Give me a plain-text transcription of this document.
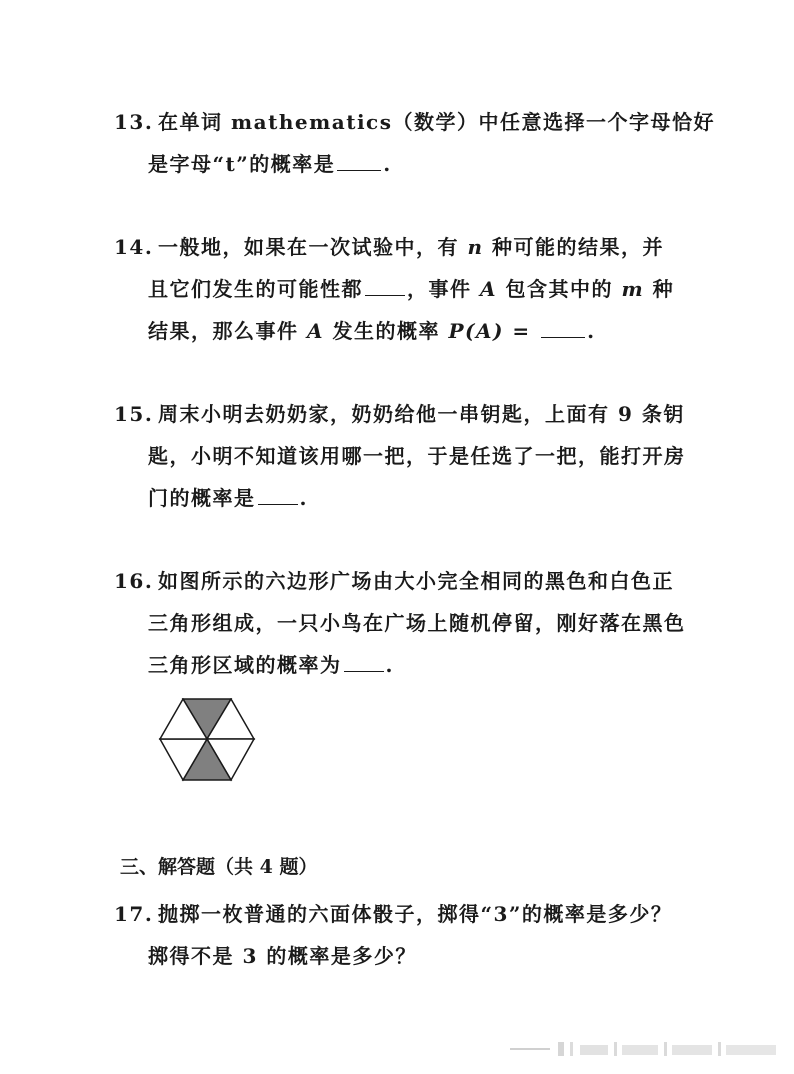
13. 在单词 mathematics（数学）中任意选择一个字母恰好
是字母“t”的概率是 .
14. 一般地，如果在一次试验中，有 n 种可能的结果，并
且它们发生的可能性都 ，事件 A 包含其中的 m 种
结果，那么事件 A 发生的概率 P(A) =	.
15. 周末小明去奶奶家，奶奶给他一串钥匙，上面有 9 条钥
匙，小明不知道该用哪一把，于是任选了一把，能打开房
门的概率是 .
16. 如图所示的六边形广场由大小完全相同的黑色和白色正
三角形组成，一只小鸟在广场上随机停留，刚好落在黑色
三角形区域的概率为 .
三、解答题（共 4 题）
17. 抛掷一枚普通的六面体骰子，掷得“3”的概率是多少？
掷得不是 3 的概率是多少？
